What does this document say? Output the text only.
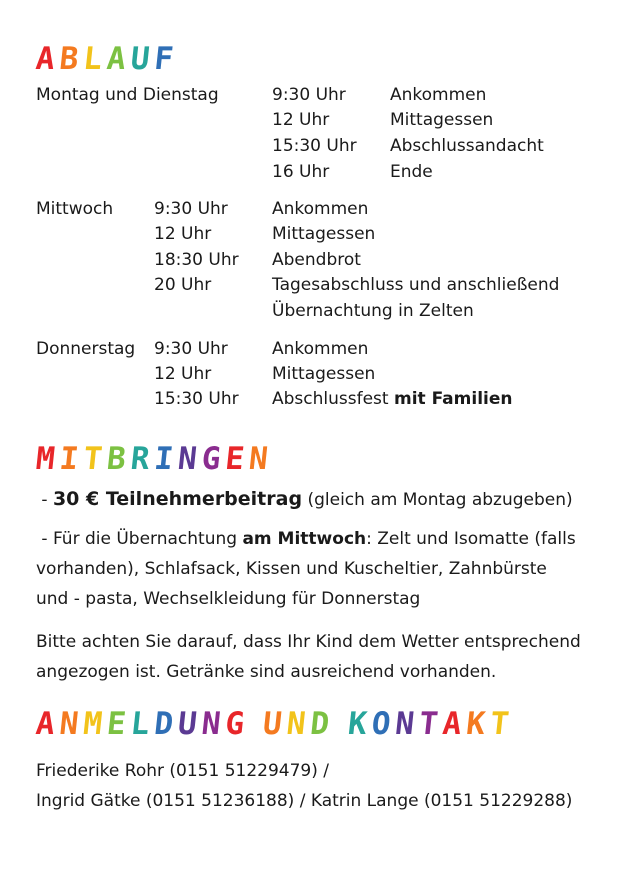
ABLAUF
Montag und Dienstag	9:30 Uhr	Ankommen
12 Uhr	Mittagessen
15:30 Uhr Abschlussandacht
16 Uhr	Ende
Mittwoch 9:30 Uhr	Ankommen
12 Uhr	Mittagessen
18:30 Uhr Abendbrot
20 Uhr	Tagesabschluss und anschließend
Übernachtung in Zelten
Donnerstag 9:30 Uhr	Ankommen
12 Uhr	Mittagessen
15:30 Uhr Abschlussfest mit Familien
MITBRINGEN
- 30 € Teilnehmerbeitrag (gleich am Montag abzugeben)
- Für die Übernachtung am Mittwoch: Zelt und Isomatte (falls vorhanden), Schlafsack, Kissen und Kuscheltier, Zahnbürste und - pasta, Wechselkleidung für Donnerstag
Bitte achten Sie darauf, dass Ihr Kind dem Wetter entsprechend angezogen ist. Getränke sind ausreichend vorhanden.
ANMELDUNG UND KONTAKT
Friederike Rohr (0151 51229479) /
Ingrid Gätke (0151 51236188) / Katrin Lange (0151 51229288)
